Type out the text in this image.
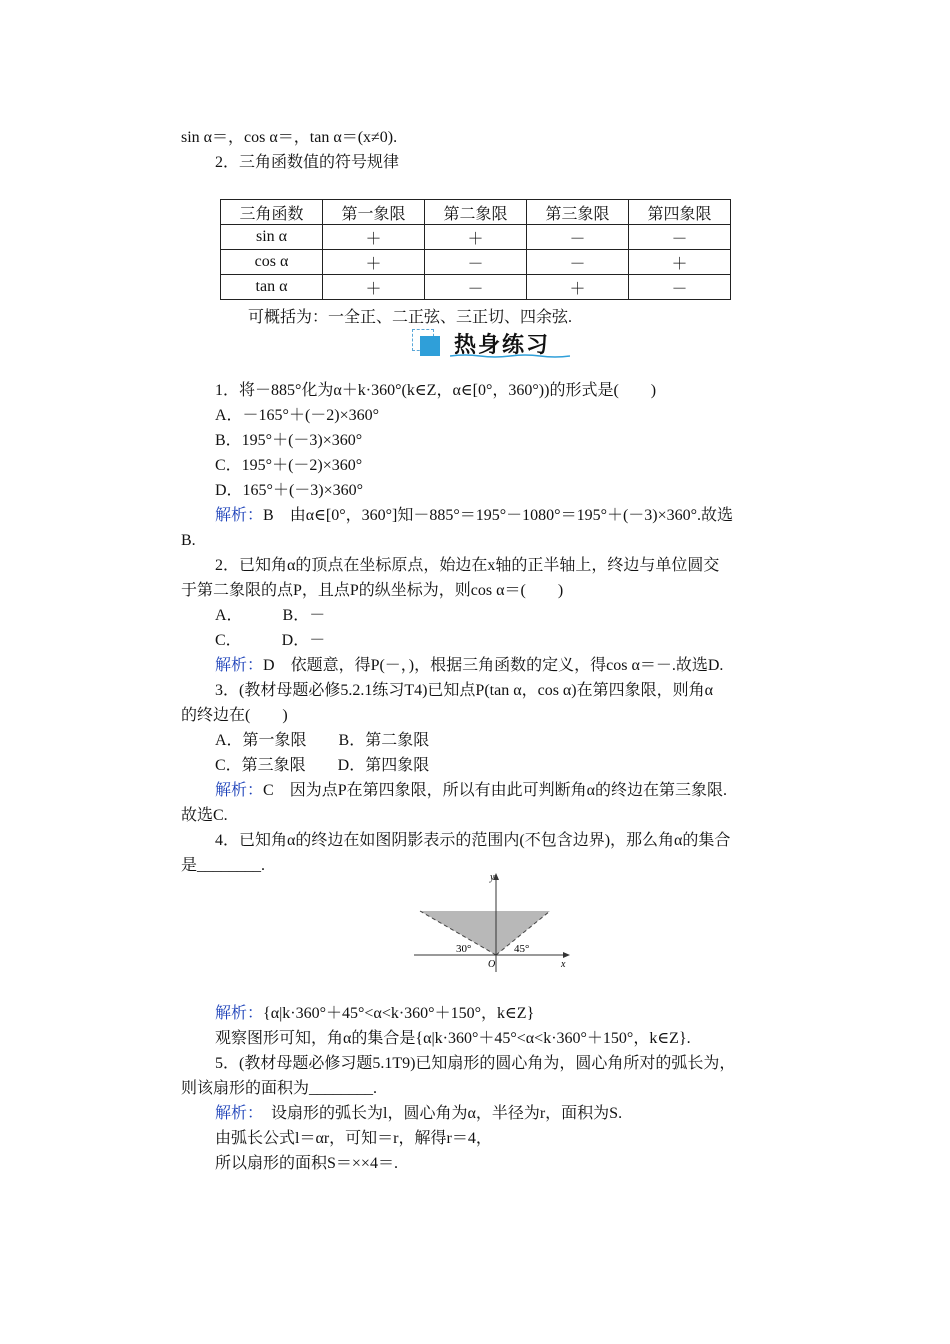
sin α＝，cos α＝，tan α＝(x≠0).
2．三角函数值的符号规律
三角函数	第一象限	第二象限	第三象限	第四象限
sin α	＋	＋	－	－
cos α	＋	－	－	＋
tan α	＋	－	＋	－
可概括为：一全正、二正弦、三正切、四余弦.
热身练习
1．将－885°化为α＋k·360°(k∈Z，α∈[0°，360°))的形式是(　　)
A．－165°＋(－2)×360°
B．195°＋(－3)×360°
C．195°＋(－2)×360°
D．165°＋(－3)×360°
解析：B　由α∈[0°，360°]知－885°＝195°－1080°＝195°＋(－3)×360°.故选
B.
2．已知角α的顶点在坐标原点，始边在x轴的正半轴上，终边与单位圆交
于第二象限的点P，且点P的纵坐标为，则cos α＝(　　)
A．　　　B．－
C．　　　D．－
解析：D　依题意，得P(－，)，根据三角函数的定义，得cos α＝－.故选D.
3．(教材母题必修5.2.1练习T4)已知点P(tan α，cos α)在第四象限，则角α
的终边在(　　)
A．第一象限　　B．第二象限
C．第三象限　　D．第四象限
解析：C　因为点P在第四象限，所以有由此可判断角α的终边在第三象限.
故选C.
4．已知角α的终边在如图阴影表示的范围内(不包含边界)，那么角α的集合
是________.
y
x
O
30°	45°
解析：{α|k·360°＋45°<α<k·360°＋150°，k∈Z}
观察图形可知，角α的集合是{α|k·360°＋45°<α<k·360°＋150°，k∈Z}.
5．(教材母题必修习题5.1T9)已知扇形的圆心角为，圆心角所对的弧长为，
则该扇形的面积为________.
解析：　设扇形的弧长为l，圆心角为α，半径为r，面积为S.
由弧长公式l＝αr，可知＝r，解得r＝4，
所以扇形的面积S＝××4＝.
